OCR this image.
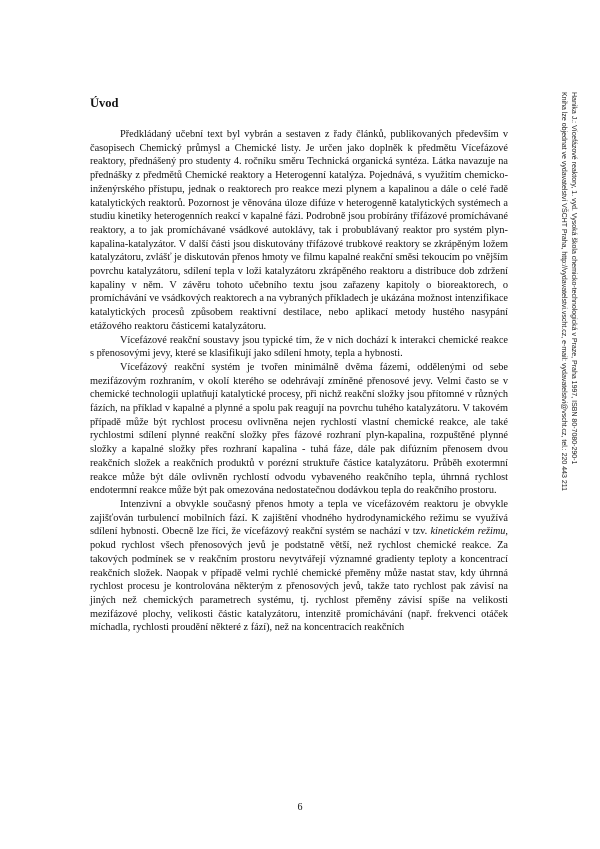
Úvod

Předkládaný učební text byl vybrán a sestaven z řady článků, publikovaných především v časopisech Chemický průmysl a Chemické listy. Je určen jako doplněk k předmětu Vícefázové reaktory, přednášený pro studenty 4. ročníku směru Technická organická syntéza. Látka navazuje na přednášky z předmětů Chemické reaktory a Heterogenní katalýza. Pojednává, s využitím chemicko-inženýrského přístupu, jednak o reaktorech pro reakce mezi plynem a kapalinou a dále o celé řadě katalytických reaktorů. Pozornost je věnována úloze difúze v heterogenně katalytických systémech a studiu kinetiky heterogenních reakcí v kapalné fázi. Podrobně jsou probírány třífázové promíchávané reaktory, a to jak promíchávané vsádkové autoklávy, tak i probublávaný reaktor pro systém plyn-kapalina-katalyzátor. V další části jsou diskutovány třífázové trubkové reaktory se zkrápěným ložem katalyzátoru, zvlášť je diskutován přenos hmoty ve filmu kapalné reakční směsi tekoucím po vnějším povrchu katalyzátoru, sdílení tepla v loži katalyzátoru zkrápěného reaktoru a distribuce dob zdržení kapaliny v něm. V závěru tohoto učebního textu jsou zařazeny kapitoly o bioreaktorech, o promíchávání ve vsádkových reaktorech a na vybraných příkladech je ukázána možnost intenzifikace katalytických procesů způsobem reaktivní destilace, nebo aplikací metody hustého nasypání etážového reaktoru částicemi katalyzátoru.

Vícefázové reakční soustavy jsou typické tím, že v nich dochází k interakci chemické reakce s přenosovými jevy, které se klasifikují jako sdílení hmoty, tepla a hybnosti.

Vícefázový reakční systém je tvořen minimálně dvěma fázemi, oddělenými od sebe mezifázovým rozhraním, v okolí kterého se odehrávají zmíněné přenosové jevy. Velmi často se v chemické technologii uplatňují katalytické procesy, při nichž reakční složky jsou přítomné v různých fázích, na příklad v kapalné a plynné a spolu pak reagují na povrchu tuhého katalyzátoru. V takovém případě může být rychlost procesu ovlivněna nejen rychlostí vlastní chemické reakce, ale také rychlostmi sdílení plynné reakční složky přes fázové rozhraní plyn-kapalina, rozpuštěné plynné složky a kapalné složky přes rozhraní kapalina - tuhá fáze, dále pak difúzním přenosem dvou reakčních složek a reakčních produktů v porézní struktuře částice katalyzátoru. Průběh exotermní reakce může být dále ovlivněn rychlostí odvodu vybaveného reakčního tepla, úhrnná rychlost endotermní reakce může být pak omezována nedostatečnou dodávkou tepla do reakčního prostoru.

Intenzivní a obvykle současný přenos hmoty a tepla ve vícefázovém reaktoru je obvykle zajišťován turbulencí mobilních fází. K zajištění vhodného hydrodynamického režimu se využívá sdílení hybnosti. Obecně lze říci, že vícefázový reakční systém se nachází v tzv. kinetickém režimu, pokud rychlost všech přenosových jevů je podstatně větší, než rychlost chemické reakce. Za takových podmínek se v reakčním prostoru nevytvářejí významné gradienty teploty a koncentrací reakčních složek. Naopak v případě velmi rychlé chemické přeměny může nastat stav, kdy úhrnná rychlost procesu je kontrolována některým z přenosových jevů, takže tato rychlost pak závisí na jiných než chemických parametrech systému, tj. rychlost přeměny závisí spíše na velikosti mezifázové plochy, velikosti částic katalyzátoru, intenzitě promíchávání (např. frekvenci otáček míchadla, rychlosti proudění některé z fází), než na koncentracích reakčních

6
Hanika J.: Vícefázové reaktory, 1. vyd. Vysoká škola chemicko-technologická v Praze, Praha 1997, ISBN 80-7080-290-1
Kniha lze objednat ve vydavatelství VŠCHT Praha, http://vydavatelstvi.vscht.cz, e-mail: vydavatelstvi@vscht.cz, tel.: 220 443 211
